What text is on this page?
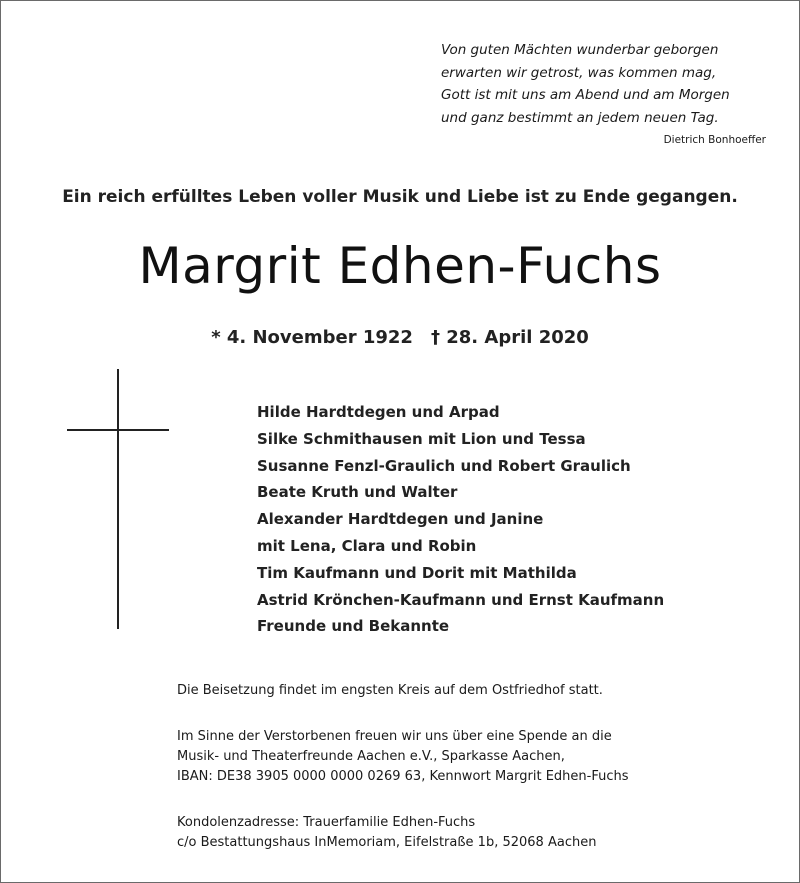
Von guten Mächten wunderbar geborgen
erwarten wir getrost, was kommen mag,
Gott ist mit uns am Abend und am Morgen
und ganz bestimmt an jedem neuen Tag.
Dietrich Bonhoeffer
Ein reich erfülltes Leben voller Musik und Liebe ist zu Ende gegangen.
Margrit Edhen-Fuchs
* 4. November 1922 † 28. April 2020
Hilde Hardtdegen und Arpad
Silke Schmithausen mit Lion und Tessa
Susanne Fenzl-Graulich und Robert Graulich
Beate Kruth und Walter
Alexander Hardtdegen und Janine
mit Lena, Clara und Robin
Tim Kaufmann und Dorit mit Mathilda
Astrid Krönchen-Kaufmann und Ernst Kaufmann
Freunde und Bekannte
Die Beisetzung findet im engsten Kreis auf dem Ostfriedhof statt.
Im Sinne der Verstorbenen freuen wir uns über eine Spende an die
Musik- und Theaterfreunde Aachen e.V., Sparkasse Aachen,
IBAN: DE38 3905 0000 0000 0269 63, Kennwort Margrit Edhen-Fuchs
Kondolenzadresse: Trauerfamilie Edhen-Fuchs
c/o Bestattungshaus InMemoriam, Eifelstraße 1b, 52068 Aachen
